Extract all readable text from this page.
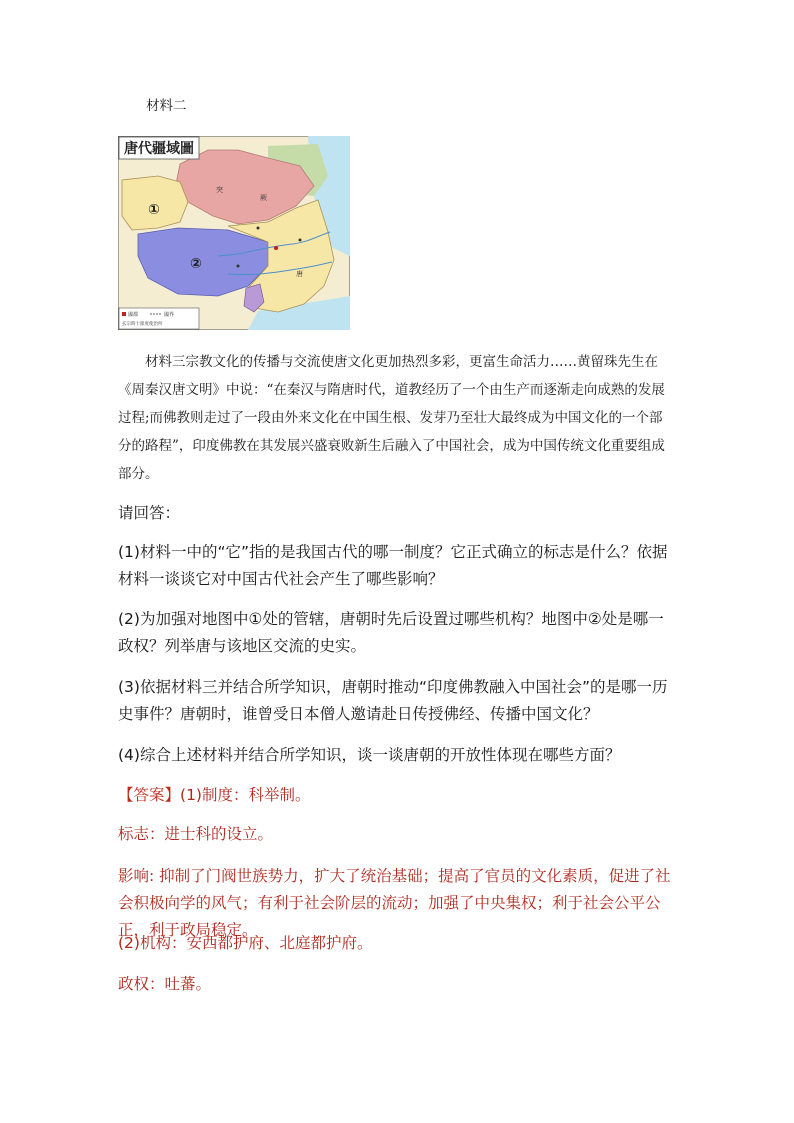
材料二

唐代疆域圖
①
②
突
厥
唐
國都	國界
玄宗時十節度使治所

材料三宗教文化的传播与交流使唐文化更加热烈多彩，更富生命活力……黄留珠先生在《周秦汉唐文明》中说：“在秦汉与隋唐时代，道教经历了一个由生产而逐渐走向成熟的发展过程;而佛教则走过了一段由外来文化在中国生根、发芽乃至壮大最终成为中国文化的一个部分的路程”，印度佛教在其发展兴盛衰败新生后融入了中国社会，成为中国传统文化重要组成部分。

请回答：

(1)材料一中的“它”指的是我国古代的哪一制度？它正式确立的标志是什么？依据材料一谈谈它对中国古代社会产生了哪些影响？

(2)为加强对地图中①处的管辖，唐朝时先后设置过哪些机构？地图中②处是哪一政权？列举唐与该地区交流的史实。

(3)依据材料三并结合所学知识，唐朝时推动“印度佛教融入中国社会”的是哪一历史事件？唐朝时，谁曾受日本僧人邀请赴日传授佛经、传播中国文化？

(4)综合上述材料并结合所学知识，谈一谈唐朝的开放性体现在哪些方面？

【答案】(1)制度：科举制。

标志：进士科的设立。

影响: 抑制了门阀世族势力，扩大了统治基础；提高了官员的文化素质，促进了社会积极向学的风气；有利于社会阶层的流动；加强了中央集权；利于社会公平公正，利于政局稳定。

(2)机构：安西都护府、北庭都护府。

政权：吐蕃。
